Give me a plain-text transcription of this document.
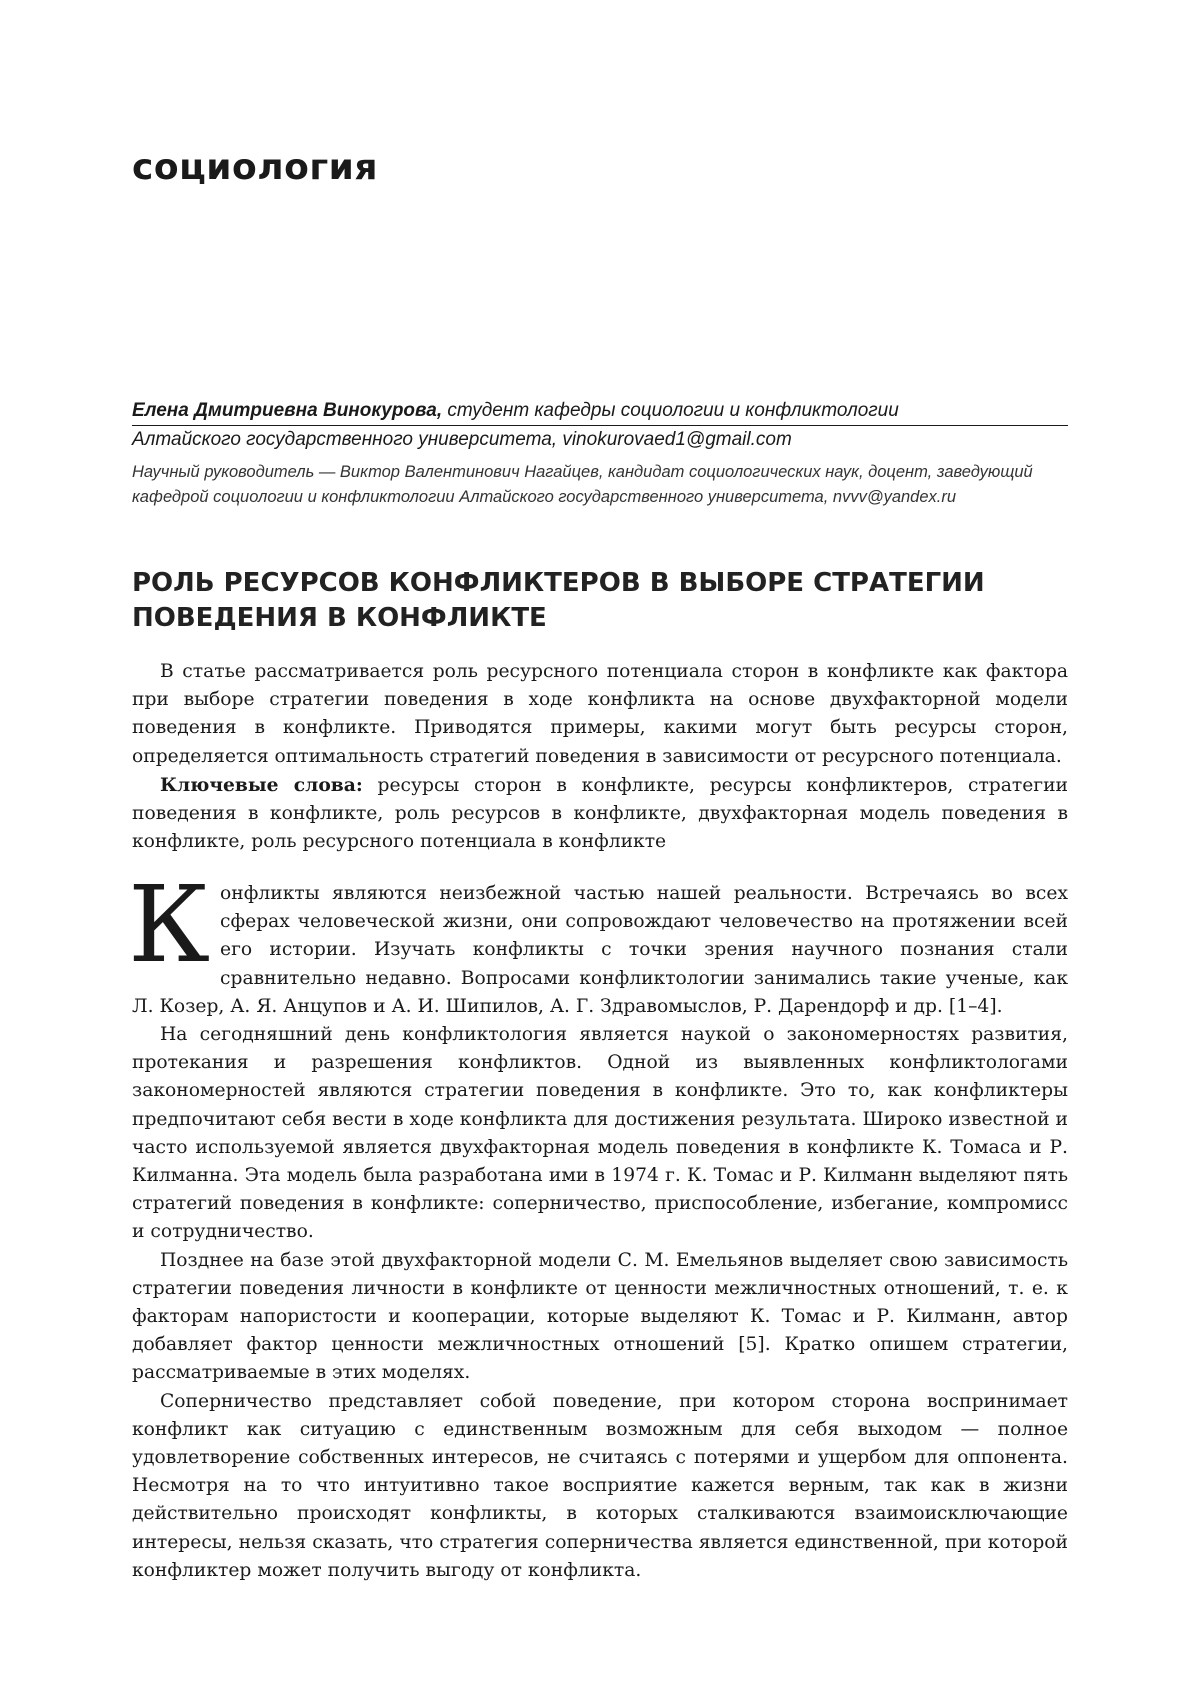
социология
Елена Дмитриевна Винокурова, студент кафедры социологии и конфликтологии
Алтайского государственного университета, vinokurovaed1@gmail.com
Научный руководитель — Виктор Валентинович Нагайцев, кандидат социологических наук, доцент, заведующий кафедрой социологии и конфликтологии Алтайского государственного университета, nvvv@yandex.ru
РОЛЬ РЕСУРСОВ КОНФЛИКТЕРОВ В ВЫБОРЕ СТРАТЕГИИ ПОВЕДЕНИЯ В КОНФЛИКТЕ

В статье рассматривается роль ресурсного потенциала сторон в конфликте как фактора при выборе стратегии поведения в ходе конфликта на основе двухфакторной модели поведения в конфликте. Приводятся примеры, какими могут быть ресурсы сторон, определяется оптимальность стратегий поведения в зависимости от ресурсного потенциала.

Ключевые слова: ресурсы сторон в конфликте, ресурсы конфликтеров, стратегии поведения в конфликте, роль ресурсов в конфликте, двухфакторная модель поведения в конфликте, роль ресурсного потенциала в конфликте

Конфликты являются неизбежной частью нашей реальности. Встречаясь во всех сферах человеческой жизни, они сопровождают человечество на протяжении всей его истории. Изучать конфликты с точки зрения научного познания стали сравнительно недавно. Вопросами конфликтологии занимались такие ученые, как Л. Козер, А. Я. Анцупов и А. И. Шипилов, А. Г. Здравомыслов, Р. Дарендорф и др. [1–4].

На сегодняшний день конфликтология является наукой о закономерностях развития, протекания и разрешения конфликтов. Одной из выявленных конфликтологами закономерностей являются стратегии поведения в конфликте. Это то, как конфликтеры предпочитают себя вести в ходе конфликта для достижения результата. Широко известной и часто используемой является двухфакторная модель поведения в конфликте К. Томаса и Р. Килманна. Эта модель была разработана ими в 1974 г. К. Томас и Р. Килманн выделяют пять стратегий поведения в конфликте: соперничество, приспособление, избегание, компромисс и сотрудничество.

Позднее на базе этой двухфакторной модели С. М. Емельянов выделяет свою зависимость стратегии поведения личности в конфликте от ценности межличностных отношений, т. е. к факторам напористости и кооперации, которые выделяют К. Томас и Р. Килманн, автор добавляет фактор ценности межличностных отношений [5]. Кратко опишем стратегии, рассматриваемые в этих моделях.

Соперничество представляет собой поведение, при котором сторона воспринимает конфликт как ситуацию с единственным возможным для себя выходом — полное удовлетворение собственных интересов, не считаясь с потерями и ущербом для оппонента. Несмотря на то что интуитивно такое восприятие кажется верным, так как в жизни действительно происходят конфликты, в которых сталкиваются взаимоисключающие интересы, нельзя сказать, что стратегия соперничества является единственной, при которой конфликтер может получить выгоду от конфликта.
